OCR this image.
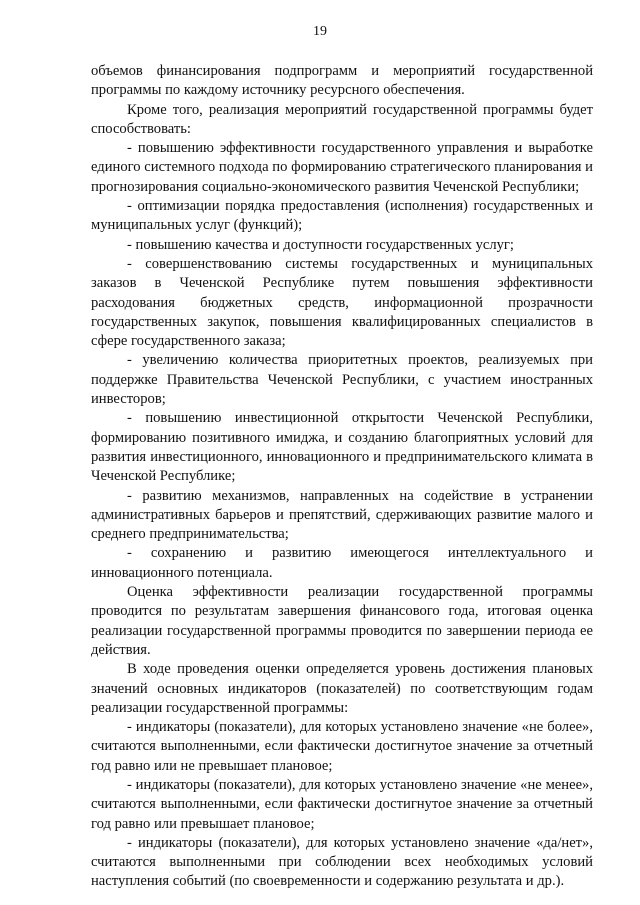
19

объемов финансирования подпрограмм и мероприятий государственной программы по каждому источнику ресурсного обеспечения.

Кроме того, реализация мероприятий государственной программы будет способствовать:

- повышению эффективности государственного управления и выработке единого системного подхода по формированию стратегического планирования и прогнозирования социально-экономического развития Чеченской Республики;

- оптимизации порядка предоставления (исполнения) государственных и муниципальных услуг (функций);

- повышению качества и доступности государственных услуг;

- совершенствованию системы государственных и муниципальных заказов в Чеченской Республике путем повышения эффективности расходования бюджетных средств, информационной прозрачности государственных закупок, повышения квалифицированных специалистов в сфере государственного заказа;

- увеличению количества приоритетных проектов, реализуемых при поддержке Правительства Чеченской Республики, с участием иностранных инвесторов;

- повышению инвестиционной открытости Чеченской Республики, формированию позитивного имиджа, и созданию благоприятных условий для развития инвестиционного, инновационного и предпринимательского климата в Чеченской Республике;

- развитию механизмов, направленных на содействие в устранении административных барьеров и препятствий, сдерживающих развитие малого и среднего предпринимательства;

- сохранению и развитию имеющегося интеллектуального и инновационного потенциала.

Оценка эффективности реализации государственной программы проводится по результатам завершения финансового года, итоговая оценка реализации государственной программы проводится по завершении периода ее действия.

В ходе проведения оценки определяется уровень достижения плановых значений основных индикаторов (показателей) по соответствующим годам реализации государственной программы:

- индикаторы (показатели), для которых установлено значение «не более», считаются выполненными, если фактически достигнутое значение за отчетный год равно или не превышает плановое;

- индикаторы (показатели), для которых установлено значение «не менее», считаются выполненными, если фактически достигнутое значение за отчетный год равно или превышает плановое;

- индикаторы (показатели), для которых установлено значение «да/нет», считаются выполненными при соблюдении всех необходимых условий наступления событий (по своевременности и содержанию результата и др.).
